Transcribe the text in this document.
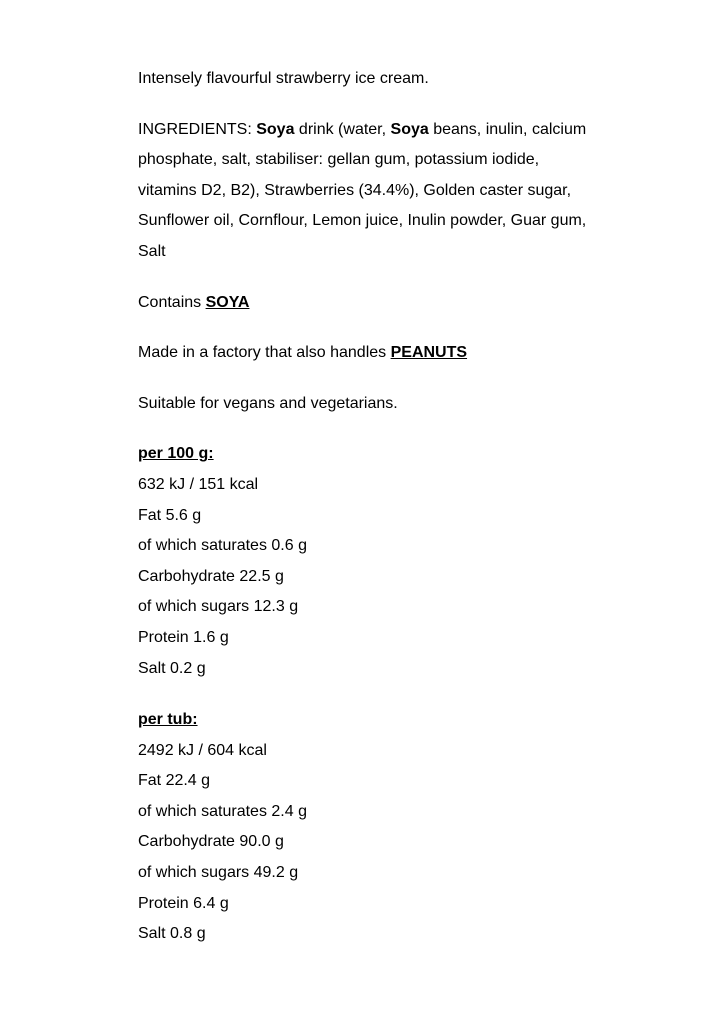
Intensely flavourful strawberry ice cream.

INGREDIENTS: Soya drink (water, Soya beans, inulin, calcium phosphate, salt, stabiliser: gellan gum, potassium iodide, vitamins D2, B2), Strawberries (34.4%), Golden caster sugar, Sunflower oil, Cornflour, Lemon juice, Inulin powder, Guar gum, Salt

Contains SOYA

Made in a factory that also handles PEANUTS

Suitable for vegans and vegetarians.

per 100 g:

632 kJ / 151 kcal

Fat 5.6 g

of which saturates 0.6 g

Carbohydrate 22.5 g

of which sugars 12.3 g

Protein 1.6 g

Salt 0.2 g

per tub:

2492 kJ / 604 kcal

Fat 22.4 g

of which saturates 2.4 g

Carbohydrate 90.0 g

of which sugars 49.2 g

Protein 6.4 g

Salt 0.8 g
